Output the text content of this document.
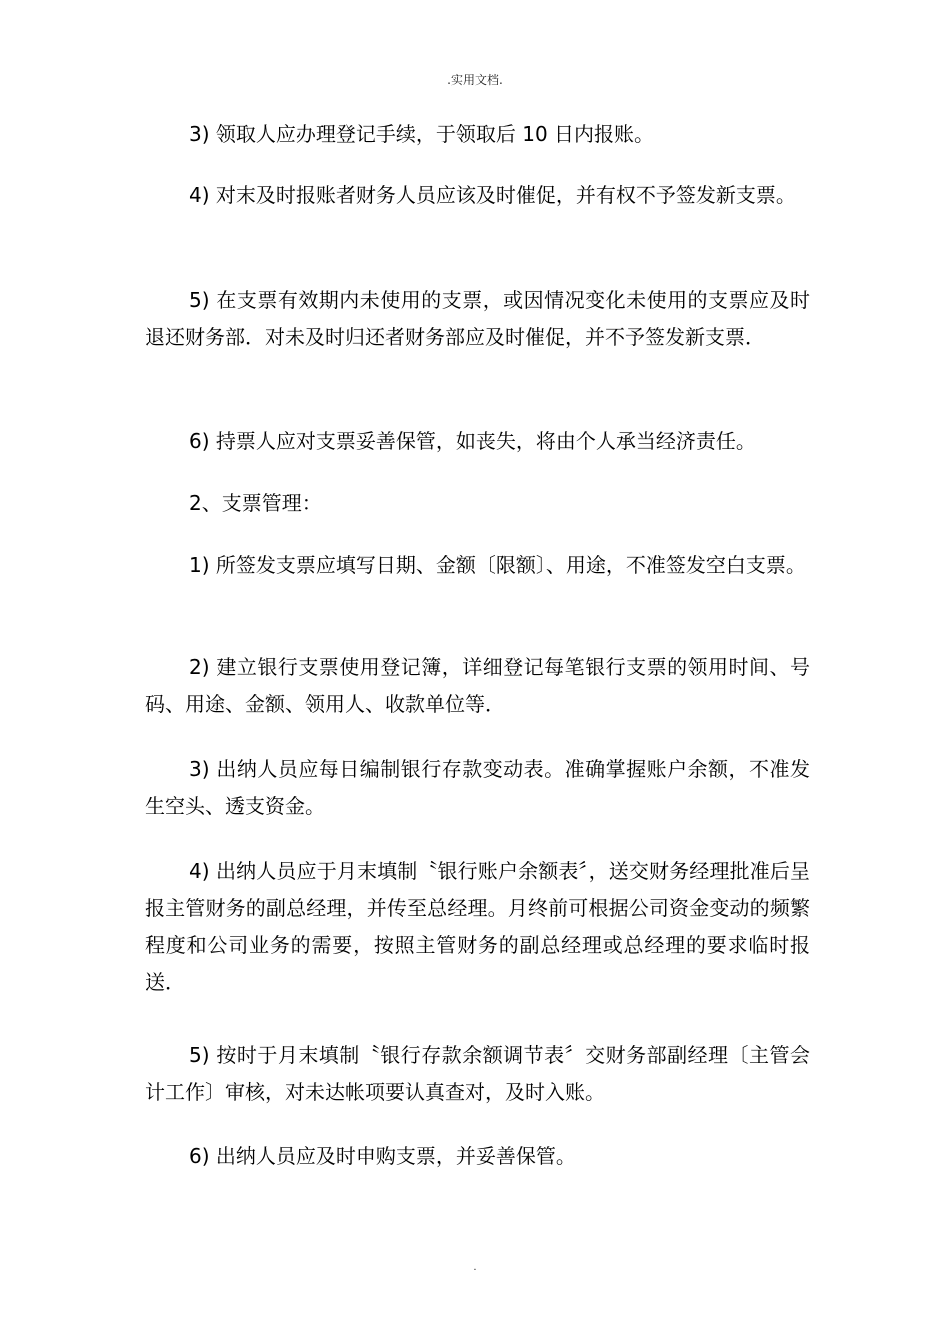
.实用文档.

3) 领取人应办理登记手续，于领取后 10 日内报账。

4) 对末及时报账者财务人员应该及时催促，并有权不予签发新支票。

5) 在支票有效期内未使用的支票，或因情况变化未使用的支票应及时退还财务部．对未及时归还者财务部应及时催促，并不予签发新支票．

6) 持票人应对支票妥善保管，如丧失，将由个人承当经济责任。

2、支票管理：

1) 所签发支票应填写日期、金额〔限额〕、用途，不准签发空白支票。

2) 建立银行支票使用登记簿，详细登记每笔银行支票的领用时间、号码、用途、金额、领用人、收款单位等．

3) 出纳人员应每日编制银行存款变动表。准确掌握账户余额，不准发生空头、透支资金。

4) 出纳人员应于月末填制〝银行账户余额表〞，送交财务经理批准后呈报主管财务的副总经理，并传至总经理。月终前可根据公司资金变动的频繁程度和公司业务的需要，按照主管财务的副总经理或总经理的要求临时报送．

5) 按时于月末填制〝银行存款余额调节表〞交财务部副经理〔主管会计工作〕审核，对未达帐项要认真查对，及时入账。

6) 出纳人员应及时申购支票，并妥善保管。

.
